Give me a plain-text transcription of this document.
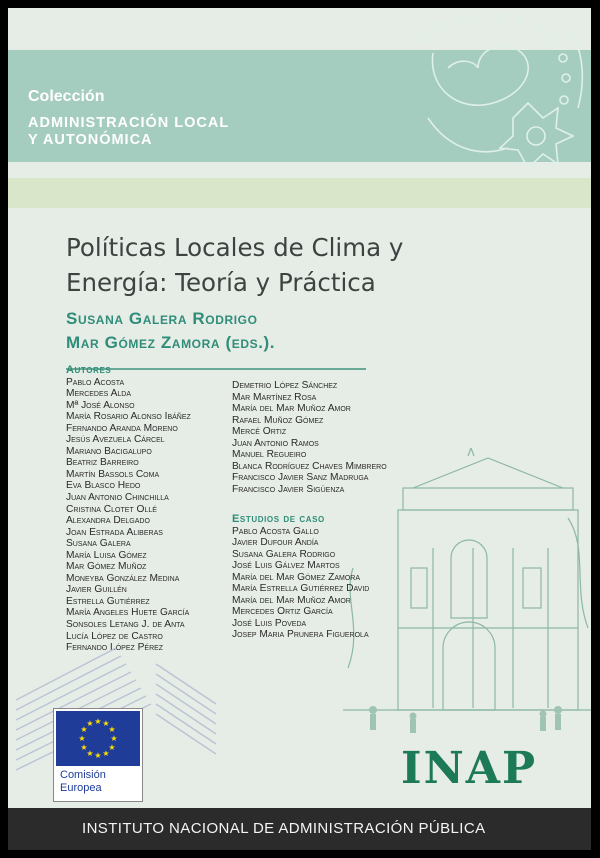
Colección
ADMINISTRACIÓN LOCAL
Y AUTONÓMICA
Políticas Locales de Clima y
Energía: Teoría y Práctica
Susana Galera Rodrigo
Mar Gómez Zamora (eds.).
Autores
Pablo Acosta
Mercedes Alda
Mª José Alonso
María Rosario Alonso Ibáñez
Fernando Aranda Moreno
Jesús Avezuela Cárcel
Mariano Bacigalupo
Beatriz Barreiro
Martín Bassols Coma
Eva Blasco Hedo
Juan Antonio Chinchilla
Cristina Clotet Ollé
Alexandra Delgado
Joan Estrada Aliberas
Susana Galera
María Luisa Gómez
Mar Gómez Muñoz
Moneyba González Medina
Javier Guillén
Estrella Gutiérrez
María Angeles Huete García
Sonsoles Letang J. de Anta
Lucía López de Castro
Fernando López Pérez
Demetrio López Sánchez
Mar Martínez Rosa
María del Mar Muñoz Amor
Rafael Muñoz Gómez
Mercé Ortiz
Juan Antonio Ramos
Manuel Regueiro
Blanca Rodríguez Chaves Mimbrero
Francisco Javier Sanz Madruga
Francisco Javier Sigüenza
Estudios de caso
Pablo Acosta Gallo
Javier Dufour Andía
Susana Galera Rodrigo
José Luis Gálvez Martos
María del Mar Gómez Zamora
María Estrella Gutiérrez David
María del Mar Muñoz Amor
Mercedes Ortiz García
José Luis Poveda
Josep Maria Prunera Figuerola
★ ★
★
★
★
★
★
★
★
★
★
★
Comisión
Europea	INAP
INSTITUTO NACIONAL DE ADMINISTRACIÓN PÚBLICA
